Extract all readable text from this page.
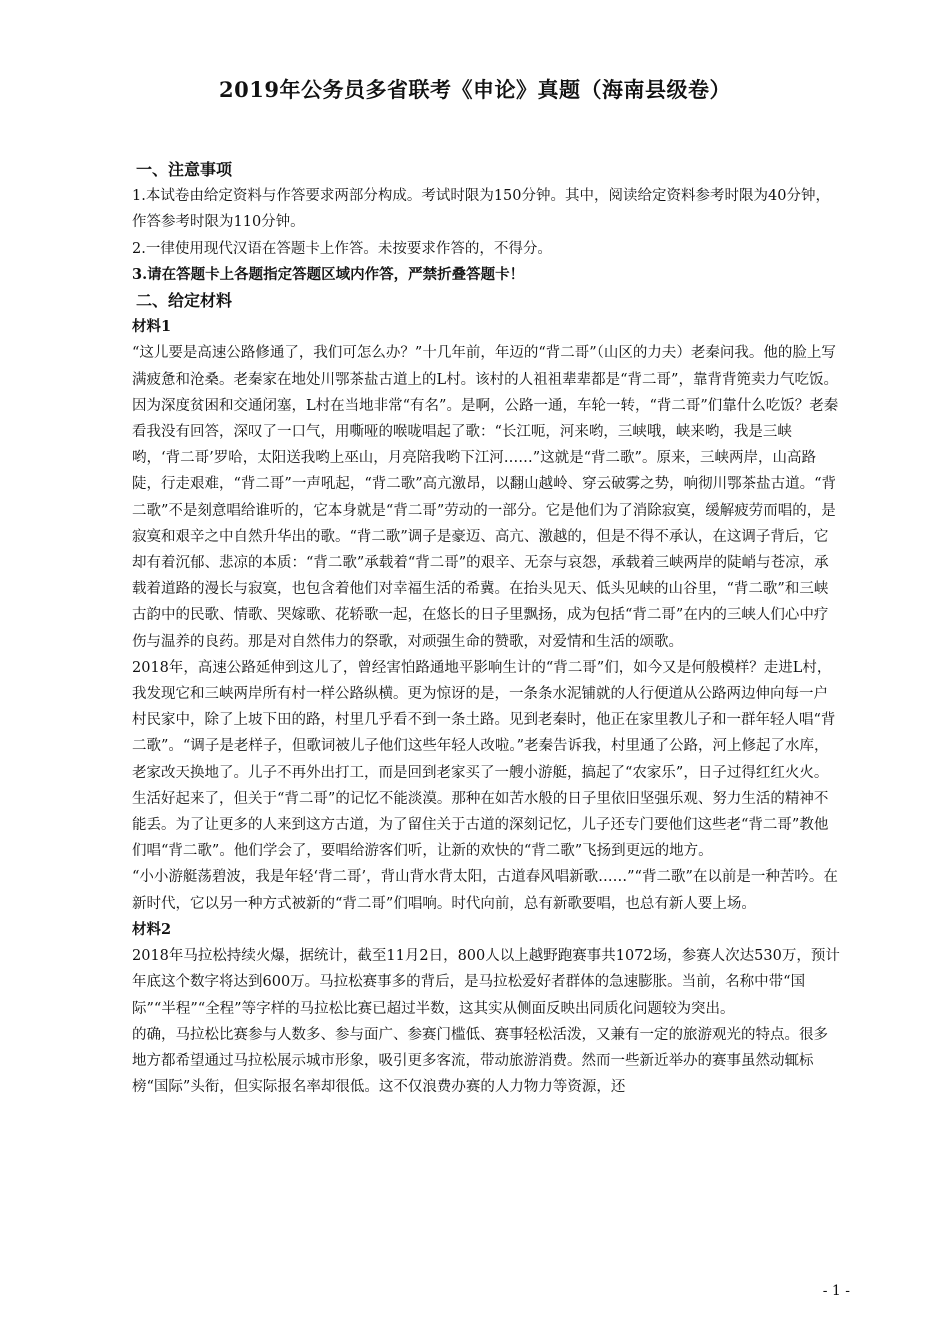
2019年公务员多省联考《申论》真题（海南县级卷）
一、注意事项
1.本试卷由给定资料与作答要求两部分构成。考试时限为150分钟。其中，阅读给定资料参考时限为40分钟，作答参考时限为110分钟。
2.一律使用现代汉语在答题卡上作答。未按要求作答的，不得分。
3.请在答题卡上各题指定答题区域内作答，严禁折叠答题卡！
二、给定材料
材料1
“这儿要是高速公路修通了，我们可怎么办？”十几年前，年迈的“背二哥”（山区的力夫）老秦问我。他的脸上写满疲惫和沧桑。老秦家在地处川鄂茶盐古道上的L村。该村的人祖祖辈辈都是“背二哥”，靠背背篼卖力气吃饭。因为深度贫困和交通闭塞，L村在当地非常“有名”。是啊，公路一通，车轮一转，“背二哥”们靠什么吃饭？老秦看我没有回答，深叹了一口气，用嘶哑的喉咙唱起了歌：“长江呃，河来哟，三峡哦，峡来哟，我是三峡哟，‘背二哥’罗哈，太阳送我哟上巫山，月亮陪我哟下江河……”这就是“背二歌”。原来，三峡两岸，山高路陡，行走艰难，“背二哥”一声吼起，“背二歌”高亢激昂，以翻山越岭、穿云破雾之势，响彻川鄂茶盐古道。“背二歌”不是刻意唱给谁听的，它本身就是“背二哥”劳动的一部分。它是他们为了消除寂寞，缓解疲劳而唱的，是寂寞和艰辛之中自然升华出的歌。“背二歌”调子是豪迈、高亢、激越的，但是不得不承认，在这调子背后，它却有着沉郁、悲凉的本质：“背二歌”承载着“背二哥”的艰辛、无奈与哀怨，承载着三峡两岸的陡峭与苍凉，承载着道路的漫长与寂寞，也包含着他们对幸福生活的希冀。在抬头见天、低头见峡的山谷里，“背二歌”和三峡古韵中的民歌、情歌、哭嫁歌、花轿歌一起，在悠长的日子里飘扬，成为包括“背二哥”在内的三峡人们心中疗伤与温养的良药。那是对自然伟力的祭歌，对顽强生命的赞歌，对爱情和生活的颂歌。
2018年，高速公路延伸到这儿了，曾经害怕路通地平影响生计的“背二哥”们，如今又是何般模样？走进L村，我发现它和三峡两岸所有村一样公路纵横。更为惊讶的是，一条条水泥铺就的人行便道从公路两边伸向每一户村民家中，除了上坡下田的路，村里几乎看不到一条土路。见到老秦时，他正在家里教儿子和一群年轻人唱“背二歌”。“调子是老样子，但歌词被儿子他们这些年轻人改啦。”老秦告诉我，村里通了公路，河上修起了水库，老家改天换地了。儿子不再外出打工，而是回到老家买了一艘小游艇，搞起了“农家乐”，日子过得红红火火。生活好起来了，但关于“背二哥”的记忆不能淡漠。那种在如苦水般的日子里依旧坚强乐观、努力生活的精神不能丢。为了让更多的人来到这方古道，为了留住关于古道的深刻记忆，儿子还专门要他们这些老“背二哥”教他们唱“背二歌”。他们学会了，要唱给游客们听，让新的欢快的“背二歌”飞扬到更远的地方。
“小小游艇荡碧波，我是年轻‘背二哥’，背山背水背太阳，古道春风唱新歌……”“背二歌”在以前是一种苦吟。在新时代，它以另一种方式被新的“背二哥”们唱响。时代向前，总有新歌要唱，也总有新人要上场。
材料2
2018年马拉松持续火爆，据统计，截至11月2日，800人以上越野跑赛事共1072场，参赛人次达530万，预计年底这个数字将达到600万。马拉松赛事多的背后，是马拉松爱好者群体的急速膨胀。当前，名称中带“国际”“半程”“全程”等字样的马拉松比赛已超过半数，这其实从侧面反映出同质化问题较为突出。
的确，马拉松比赛参与人数多、参与面广、参赛门槛低、赛事轻松活泼，又兼有一定的旅游观光的特点。很多地方都希望通过马拉松展示城市形象，吸引更多客流，带动旅游消费。然而一些新近举办的赛事虽然动辄标榜“国际”头衔，但实际报名率却很低。这不仅浪费办赛的人力物力等资源，还
- 1 -
